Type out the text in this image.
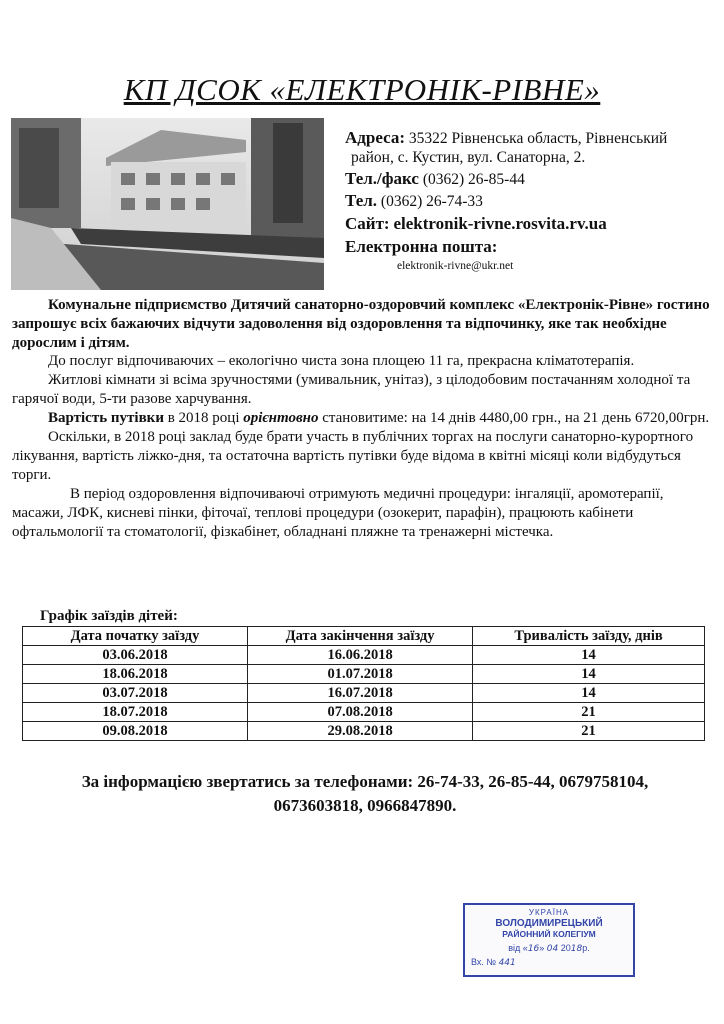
КП ДСОК «ЕЛЕКТРОНІК-РІВНЕ»
Адреса: 35322 Рівненська область, Рівненський
район, с. Кустин, вул. Санаторна, 2.
Тел./факс (0362) 26-85-44
Тел. (0362) 26-74-33
Сайт: elektronik-rivne.rosvita.rv.ua
Електронна пошта:
elektronik-rivne@ukr.net
Комунальне підприємство Дитячий санаторно-оздоровчий комплекс «Електронік-Рівне» гостино запрошує всіх бажаючих відчути задоволення від оздоровлення та відпочинку, яке так необхідне дорослим і дітям.

До послуг відпочиваючих – екологічно чиста зона площею 11 га, прекрасна кліматотерапія.

Житлові кімнати зі всіма зручностями (умивальник, унітаз), з цілодобовим постачанням холодної та гарячої води, 5-ти разове харчування.

Вартість путівки в 2018 році орієнтовно становитиме: на 14 днів 4480,00 грн., на 21 день 6720,00грн.

Оскільки, в 2018 році заклад буде брати участь в публічних торгах на послуги санаторно-курортного лікування, вартість ліжко-дня, та остаточна вартість путівки буде відома в квітні місяці коли відбудуться торги.

В період оздоровлення відпочиваючі отримують медичні процедури: інгаляції, аромотерапії, масажи, ЛФК, кисневі пінки, фіточаї, теплові процедури (озокерит, парафін), працюють кабінети офтальмології та стоматології, фізкабінет, обладнані пляжне та тренажерні містечка.

Графік заїздів дітей:
Дата початку заїзду	Дата закінчення заїзду	Тривалість заїзду, днів
03.06.2018	16.06.2018	14
18.06.2018	01.07.2018	14
03.07.2018	16.07.2018	14
18.07.2018	07.08.2018	21
09.08.2018	29.08.2018	21
За інформацією звертатись за телефонами: 26-74-33, 26-85-44, 0679758104,
0673603818, 0966847890.
УКРАЇНА
ВОЛОДИМИРЕЦЬКИЙ
РАЙОННИЙ КОЛЕГІУМ
від «16» 04 2018р.
Вх. № 441
